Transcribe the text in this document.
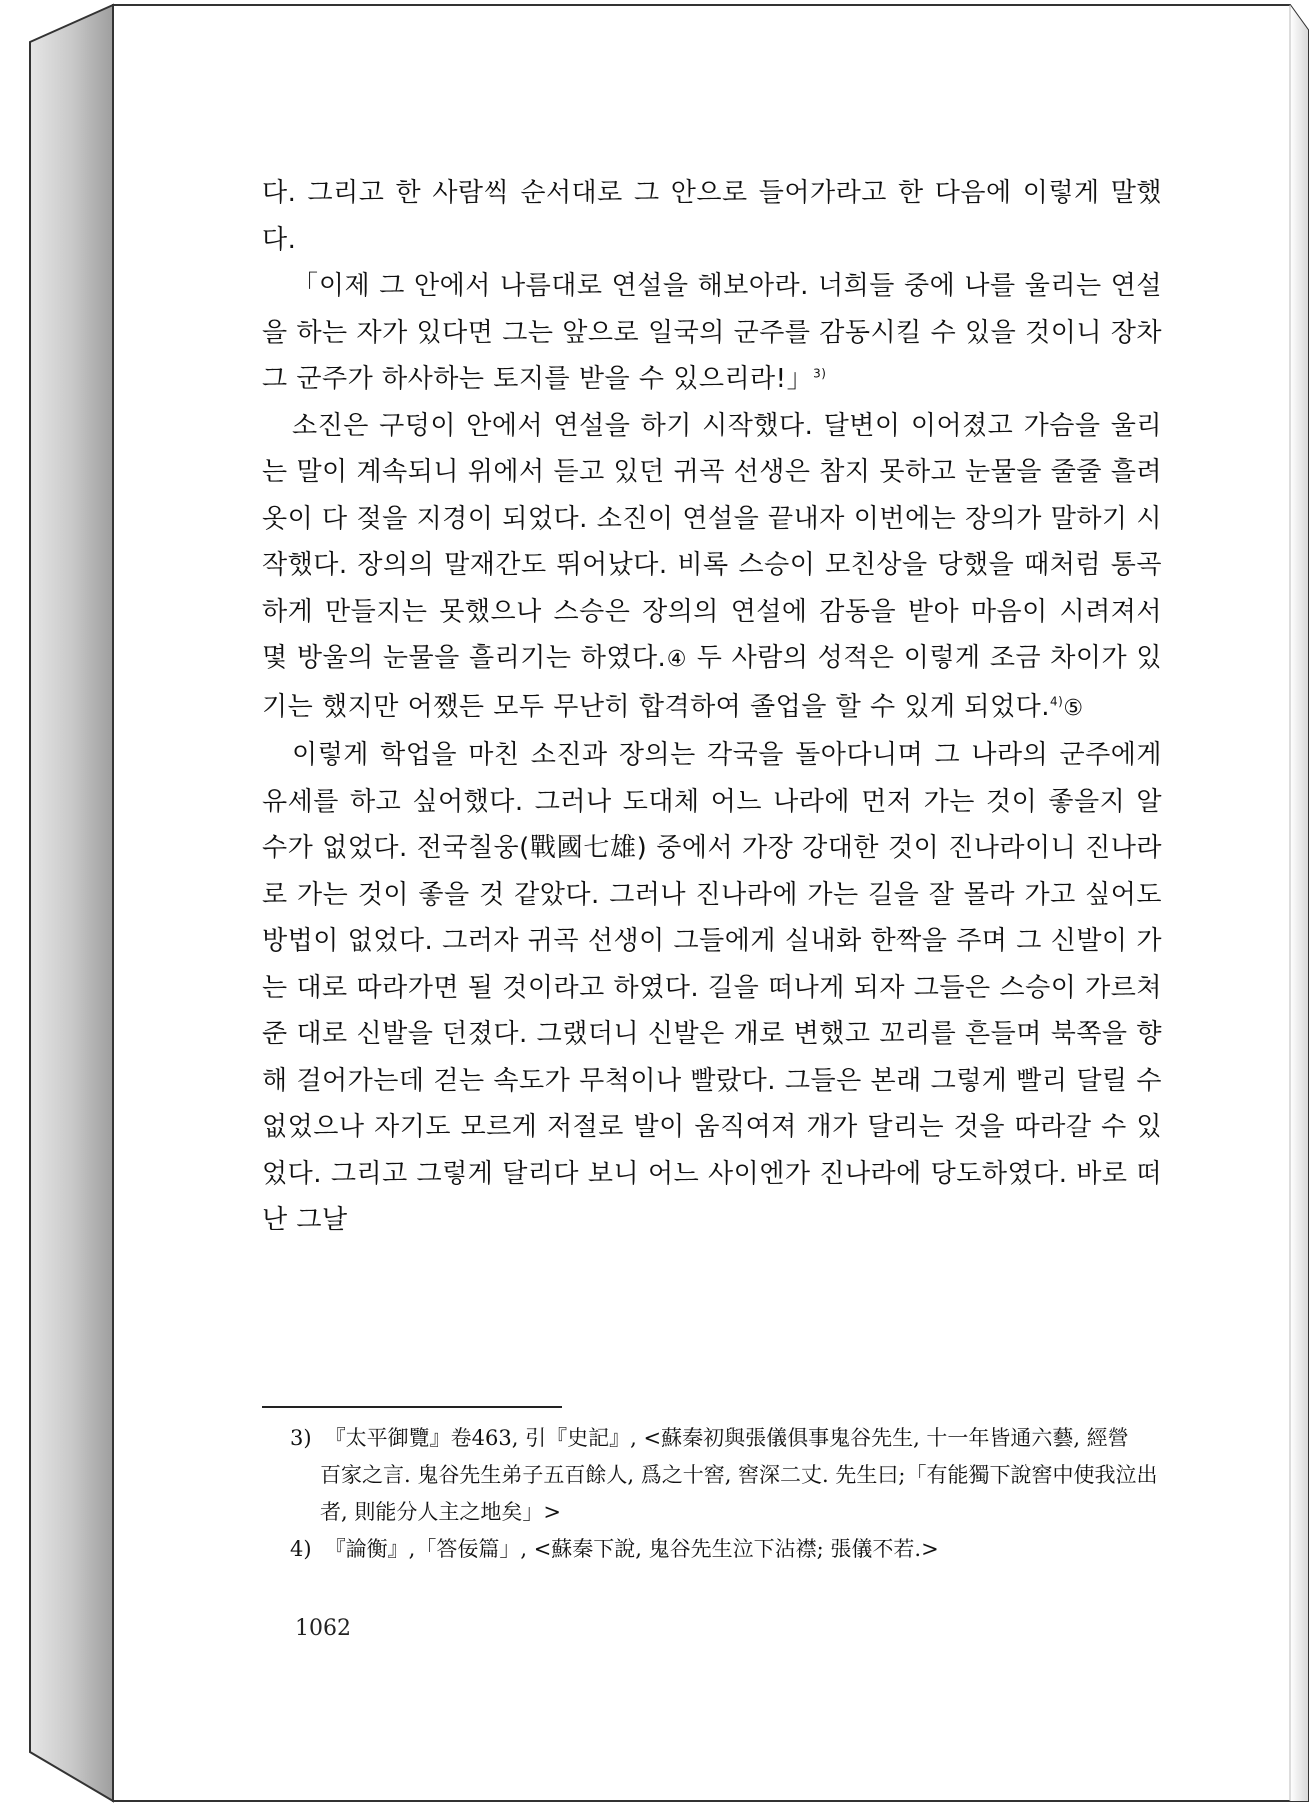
다. 그리고 한 사람씩 순서대로 그 안으로 들어가라고 한 다음에 이렇게 말했다.

「이제 그 안에서 나름대로 연설을 해보아라. 너희들 중에 나를 울리는 연설을 하는 자가 있다면 그는 앞으로 일국의 군주를 감동시킬 수 있을 것이니 장차 그 군주가 하사하는 토지를 받을 수 있으리라!」$^{3)}$

소진은 구덩이 안에서 연설을 하기 시작했다. 달변이 이어졌고 가슴을 울리는 말이 계속되니 위에서 듣고 있던 귀곡 선생은 참지 못하고 눈물을 줄줄 흘려 옷이 다 젖을 지경이 되었다. 소진이 연설을 끝내자 이번에는 장의가 말하기 시작했다. 장의의 말재간도 뛰어났다. 비록 스승이 모친상을 당했을 때처럼 통곡하게 만들지는 못했으나 스승은 장의의 연설에 감동을 받아 마음이 시려져서 몇 방울의 눈물을 흘리기는 하였다.④ 두 사람의 성적은 이렇게 조금 차이가 있기는 했지만 어쨌든 모두 무난히 합격하여 졸업을 할 수 있게 되었다.$^{4)}$⑤

이렇게 학업을 마친 소진과 장의는 각국을 돌아다니며 그 나라의 군주에게 유세를 하고 싶어했다. 그러나 도대체 어느 나라에 먼저 가는 것이 좋을지 알 수가 없었다. 전국칠웅(戰國七雄) 중에서 가장 강대한 것이 진나라이니 진나라로 가는 것이 좋을 것 같았다. 그러나 진나라에 가는 길을 잘 몰라 가고 싶어도 방법이 없었다. 그러자 귀곡 선생이 그들에게 실내화 한짝을 주며 그 신발이 가는 대로 따라가면 될 것이라고 하였다. 길을 떠나게 되자 그들은 스승이 가르쳐 준 대로 신발을 던졌다. 그랬더니 신발은 개로 변했고 꼬리를 흔들며 북쪽을 향해 걸어가는데 걷는 속도가 무척이나 빨랐다. 그들은 본래 그렇게 빨리 달릴 수 없었으나 자기도 모르게 저절로 발이 움직여져 개가 달리는 것을 따라갈 수 있었다. 그리고 그렇게 달리다 보니 어느 사이엔가 진나라에 당도하였다. 바로 떠난 그날

3) 『太平御覽』卷463, 引『史記』, <蘇秦初與張儀俱事鬼谷先生, 十一年皆通六藝, 經營
百家之言. 鬼谷先生弟子五百餘人, 爲之十窖, 窖深二丈. 先生曰;「有能獨下說窖中使我泣出者, 則能分人主之地矣」>

4) 『論衡』,「答佞篇」, <蘇秦下說, 鬼谷先生泣下沾襟; 張儀不若.>

1062
